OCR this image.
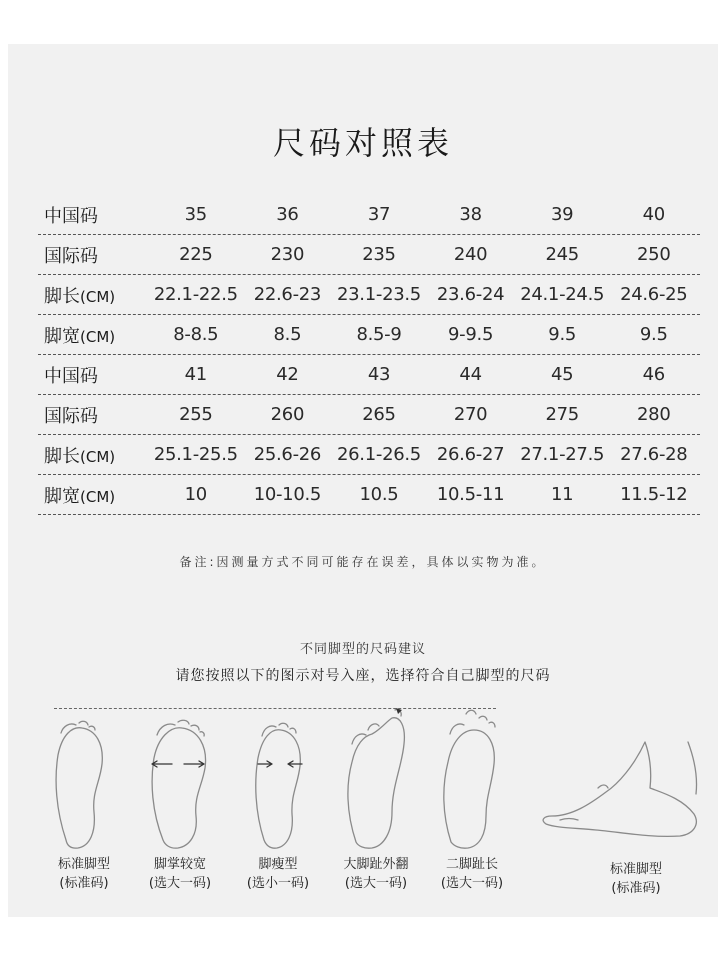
尺码对照表
中国码	35	36	37	38	39	40
国际码	225	230	235	240	245	250
脚长(CM)	22.1-22.5 22.6-23 23.1-23.5 23.6-24 24.1-24.5 24.6-25
脚宽(CM)	8-8.5	8.5	8.5-9	9-9.5	9.5	9.5
中国码	41	42	43	44	45	46
国际码	255	260	265	270	275	280
脚长(CM)	25.1-25.5 25.6-26 26.1-26.5 26.6-27 27.1-27.5 27.6-28
脚宽(CM)	10	10-10.5	10.5	10.5-11	11	11.5-12
备注:因测量方式不同可能存在误差，具体以实物为准。
不同脚型的尺码建议
请您按照以下的图示对号入座，选择符合自己脚型的尺码
标准脚型
(标准码)
脚掌较宽
(选大一码)
脚瘦型
(选小一码)
大脚趾外翻
(选大一码)
二脚趾长
(选大一码)
标准脚型
(标准码)
